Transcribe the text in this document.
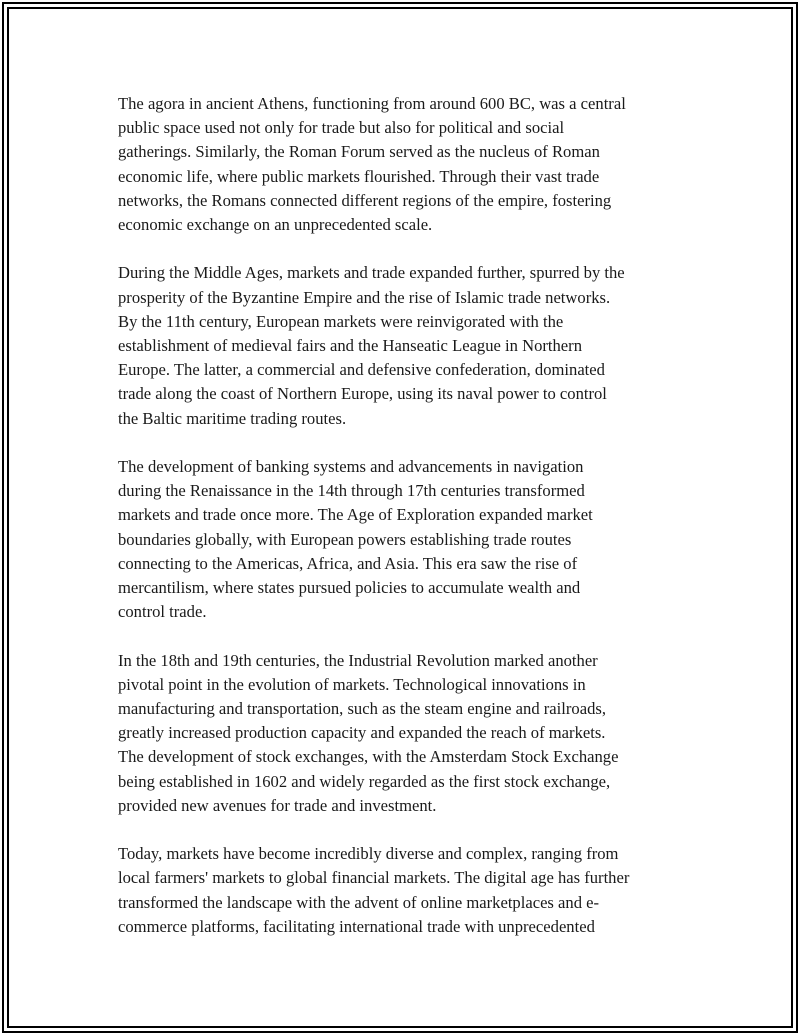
The agora in ancient Athens, functioning from around 600 BC, was a central
public space used not only for trade but also for political and social
gatherings. Similarly, the Roman Forum served as the nucleus of Roman
economic life, where public markets flourished. Through their vast trade
networks, the Romans connected different regions of the empire, fostering
economic exchange on an unprecedented scale.

During the Middle Ages, markets and trade expanded further, spurred by the
prosperity of the Byzantine Empire and the rise of Islamic trade networks.
By the 11th century, European markets were reinvigorated with the
establishment of medieval fairs and the Hanseatic League in Northern
Europe. The latter, a commercial and defensive confederation, dominated
trade along the coast of Northern Europe, using its naval power to control
the Baltic maritime trading routes.

The development of banking systems and advancements in navigation
during the Renaissance in the 14th through 17th centuries transformed
markets and trade once more. The Age of Exploration expanded market
boundaries globally, with European powers establishing trade routes
connecting to the Americas, Africa, and Asia. This era saw the rise of
mercantilism, where states pursued policies to accumulate wealth and
control trade.

In the 18th and 19th centuries, the Industrial Revolution marked another
pivotal point in the evolution of markets. Technological innovations in
manufacturing and transportation, such as the steam engine and railroads,
greatly increased production capacity and expanded the reach of markets.
The development of stock exchanges, with the Amsterdam Stock Exchange
being established in 1602 and widely regarded as the first stock exchange,
provided new avenues for trade and investment.

Today, markets have become incredibly diverse and complex, ranging from
local farmers' markets to global financial markets. The digital age has further
transformed the landscape with the advent of online marketplaces and e-
commerce platforms, facilitating international trade with unprecedented
